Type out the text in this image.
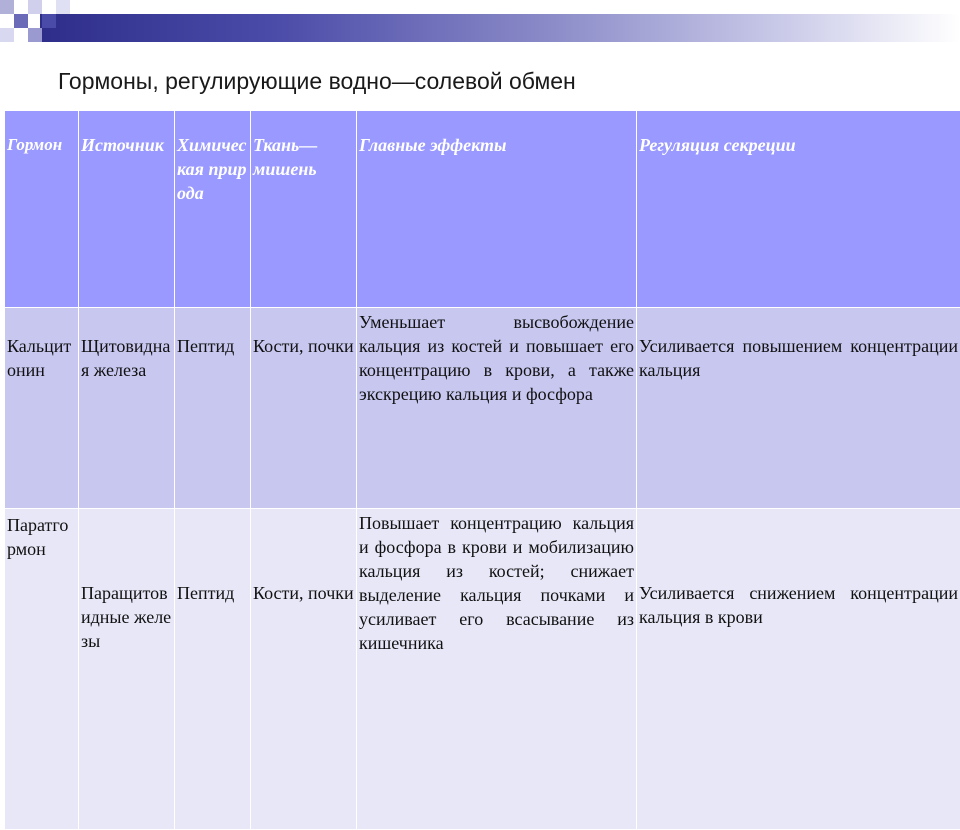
Гормоны, регулирующие водно—солевой обмен
Гормон	Источник	Химическая природа	Ткань— мишень	Главные эффекты	Регуляция секреции
Кальцитонин	Щитовидная железа	Пептид	Кости, почки	Уменьшает высвобождение кальция из костей и повышает его концентрацию в крови, а также экскрецию кальция и фосфора	Усиливается повышением концентрации кальция
Паратгормон	Паращитовидные железы	Пептид	Кости, почки	Повышает концентрацию кальция и фосфора в крови и мобилизацию кальция из костей; снижает выделение кальция почками и усиливает его всасывание из кишечника	Усиливается снижением концентрации кальция в крови
